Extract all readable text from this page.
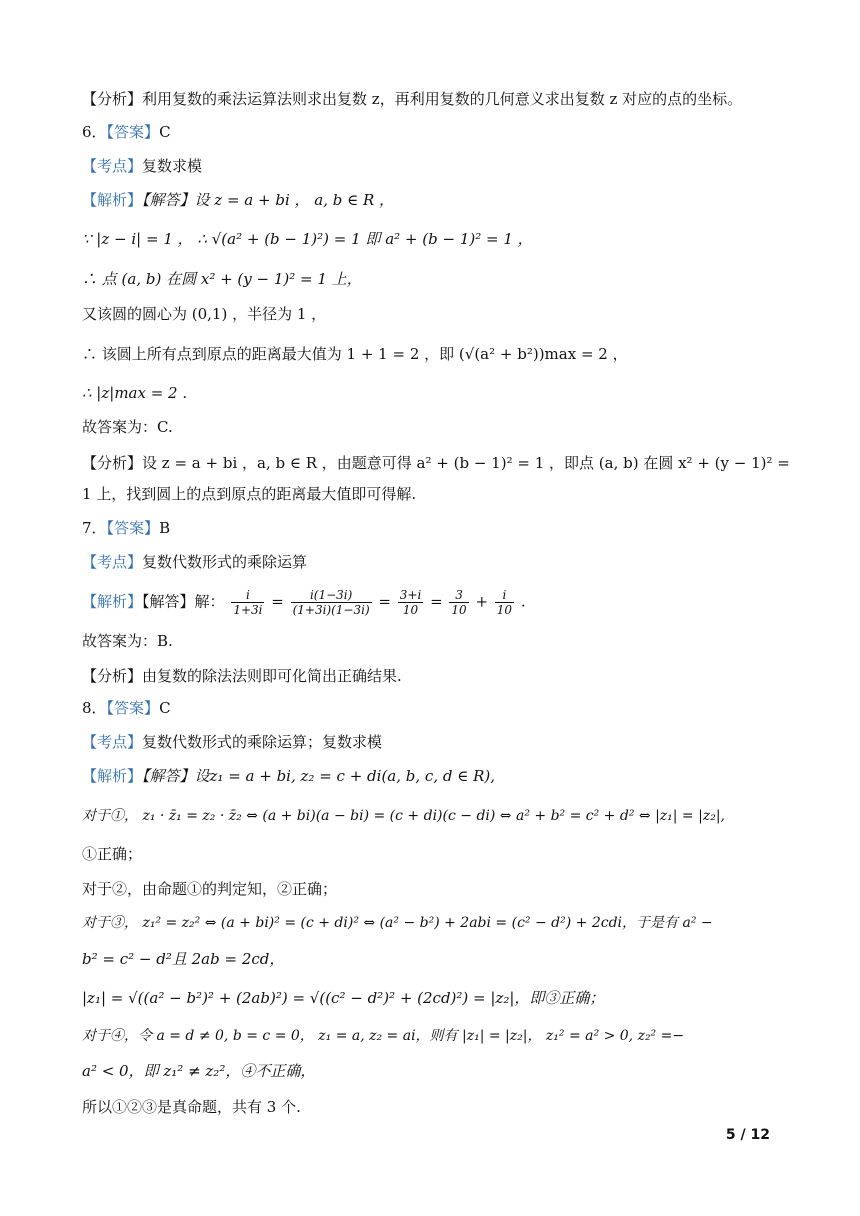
【分析】利用复数的乘法运算法则求出复数 z，再利用复数的几何意义求出复数 z 对应的点的坐标。
6．【答案】C
【考点】复数求模
【解析】【解答】设 z = a + bi ， a, b ∈ R ，
∵ |z − i| = 1 ， ∴ √(a² + (b − 1)²) = 1 即 a² + (b − 1)² = 1 ，
∴ 点 (a, b) 在圆 x² + (y − 1)² = 1 上，
又该圆的圆心为 (0,1) ，半径为 1 ，
∴ 该圆上所有点到原点的距离最大值为 1 + 1 = 2 ，即 (√(a² + b²))max = 2 ，
∴ |z|max = 2 .
故答案为：C.
【分析】设 z = a + bi ，a, b ∈ R ，由题意可得 a² + (b − 1)² = 1 ，即点 (a, b) 在圆 x² + (y − 1)² =
1 上，找到圆上的点到原点的距离最大值即可得解.
7．【答案】B
【考点】复数代数形式的乘除运算
【解析】【解答】解： $\frac{i}{1+3i} = \frac{i(1-3i)}{(1+3i)(1-3i)} = \frac{3+i}{10} = \frac{3}{10} + \frac{i}{10}$ .
故答案为：B.
【分析】由复数的除法法则即可化简出正确结果.
8．【答案】C
【考点】复数代数形式的乘除运算；复数求模
【解析】【解答】设z₁ = a + bi, z₂ = c + di(a, b, c, d ∈ R),
对于①， z₁ · z̄₁ = z₂ · z̄₂ ⇔ (a + bi)(a − bi) = (c + di)(c − di) ⇔ a² + b² = c² + d² ⇔ |z₁| = |z₂|,
①正确；
对于②，由命题①的判定知，②正确；
对于③， z₁² = z₂² ⇔ (a + bi)² = (c + di)² ⇔ (a² − b²) + 2abi = (c² − d²) + 2cdi，于是有 a² −
b² = c² − d²且 2ab = 2cd，
|z₁| = √((a² − b²)² + (2ab)²) = √((c² − d²)² + (2cd)²) = |z₂|，即③正确；
对于④，令 a = d ≠ 0, b = c = 0， z₁ = a, z₂ = ai，则有 |z₁| = |z₂|， z₁² = a² > 0, z₂² =−
a² < 0，即 z₁² ≠ z₂²，④不正确，
所以①②③是真命题，共有 3 个.
5 / 12
